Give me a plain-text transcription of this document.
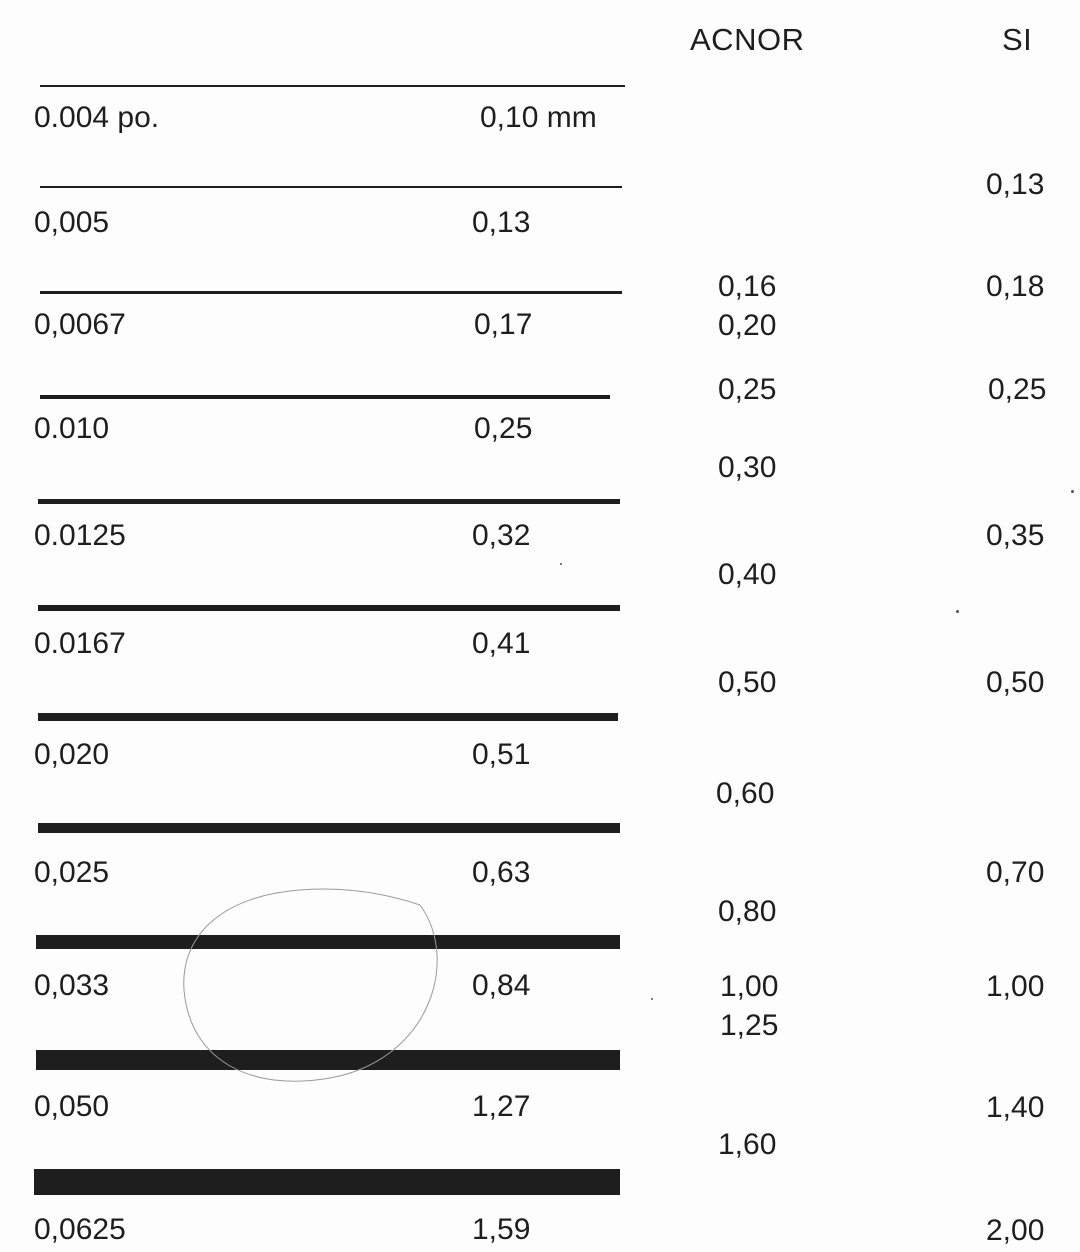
ACNOR	SI
0.004 po.
0,005
0,0067
0.010
0.0125
0.0167
0,020
0,025
0,033
0,050
0,0625
0,10 mm
0,13
0,17
0,25
0,32
0,41
0,51
0,63
0,84
1,27
1,59
0,16
0,20
0,25
0,30
0,40
0,50
0,60
0,80
1,00
1,25
1,60
0,13
0,18
0,25
0,35
0,50
0,70
1,00
1,40
2,00
